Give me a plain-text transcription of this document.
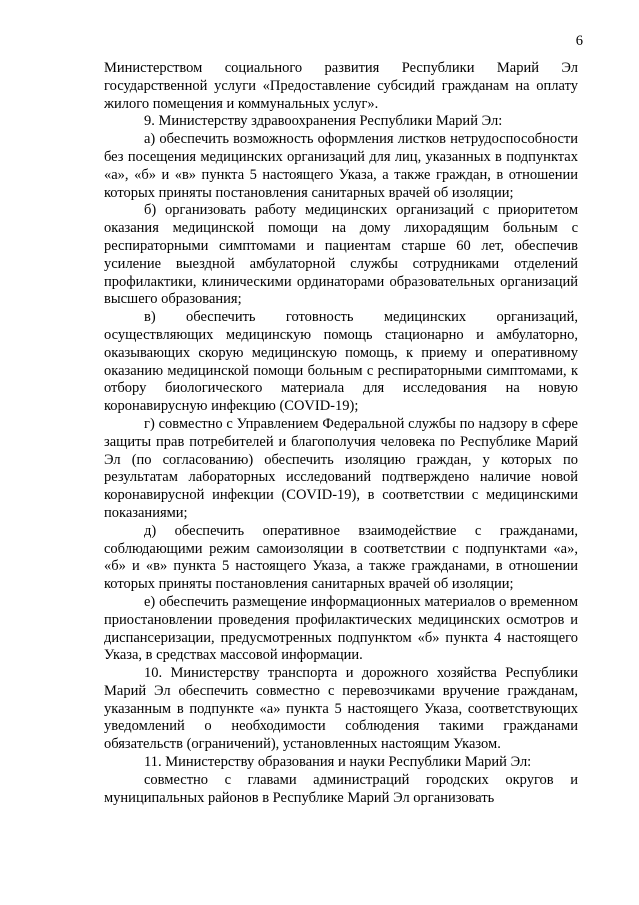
6

Министерством социального развития Республики Марий Эл государственной услуги «Предоставление субсидий гражданам на оплату жилого помещения и коммунальных услуг».

9. Министерству здравоохранения Республики Марий Эл:

а) обеспечить возможность оформления листков нетрудоспособности без посещения медицинских организаций для лиц, указанных в подпунктах «а», «б» и «в» пункта 5 настоящего Указа, а также граждан, в отношении которых приняты постановления санитарных врачей об изоляции;

б) организовать работу медицинских организаций с приоритетом оказания медицинской помощи на дому лихорадящим больным с респираторными симптомами и пациентам старше 60 лет, обеспечив усиление выездной амбулаторной службы сотрудниками отделений профилактики, клиническими ординаторами образовательных организаций высшего образования;

в) обеспечить готовность медицинских организаций, осуществляющих медицинскую помощь стационарно и амбулаторно, оказывающих скорую медицинскую помощь, к приему и оперативному оказанию медицинской помощи больным с респираторными симптомами, к отбору биологического материала для исследования на новую коронавирусную инфекцию (COVID-19);

г) совместно с Управлением Федеральной службы по надзору в сфере защиты прав потребителей и благополучия человека по Республике Марий Эл (по согласованию) обеспечить изоляцию граждан, у которых по результатам лабораторных исследований подтверждено наличие новой коронавирусной инфекции (COVID-19), в соответствии с медицинскими показаниями;

д) обеспечить оперативное взаимодействие с гражданами, соблюдающими режим самоизоляции в соответствии с подпунктами «а», «б» и «в» пункта 5 настоящего Указа, а также гражданами, в отношении которых приняты постановления санитарных врачей об изоляции;

е) обеспечить размещение информационных материалов о временном приостановлении проведения профилактических медицинских осмотров и диспансеризации, предусмотренных подпунктом «б» пункта 4 настоящего Указа, в средствах массовой информации.

10. Министерству транспорта и дорожного хозяйства Республики Марий Эл обеспечить совместно с перевозчиками вручение гражданам, указанным в подпункте «а» пункта 5 настоящего Указа, соответствующих уведомлений о необходимости соблюдения такими гражданами обязательств (ограничений), установленных настоящим Указом.

11. Министерству образования и науки Республики Марий Эл:

совместно с главами администраций городских округов и муниципальных районов в Республике Марий Эл организовать
